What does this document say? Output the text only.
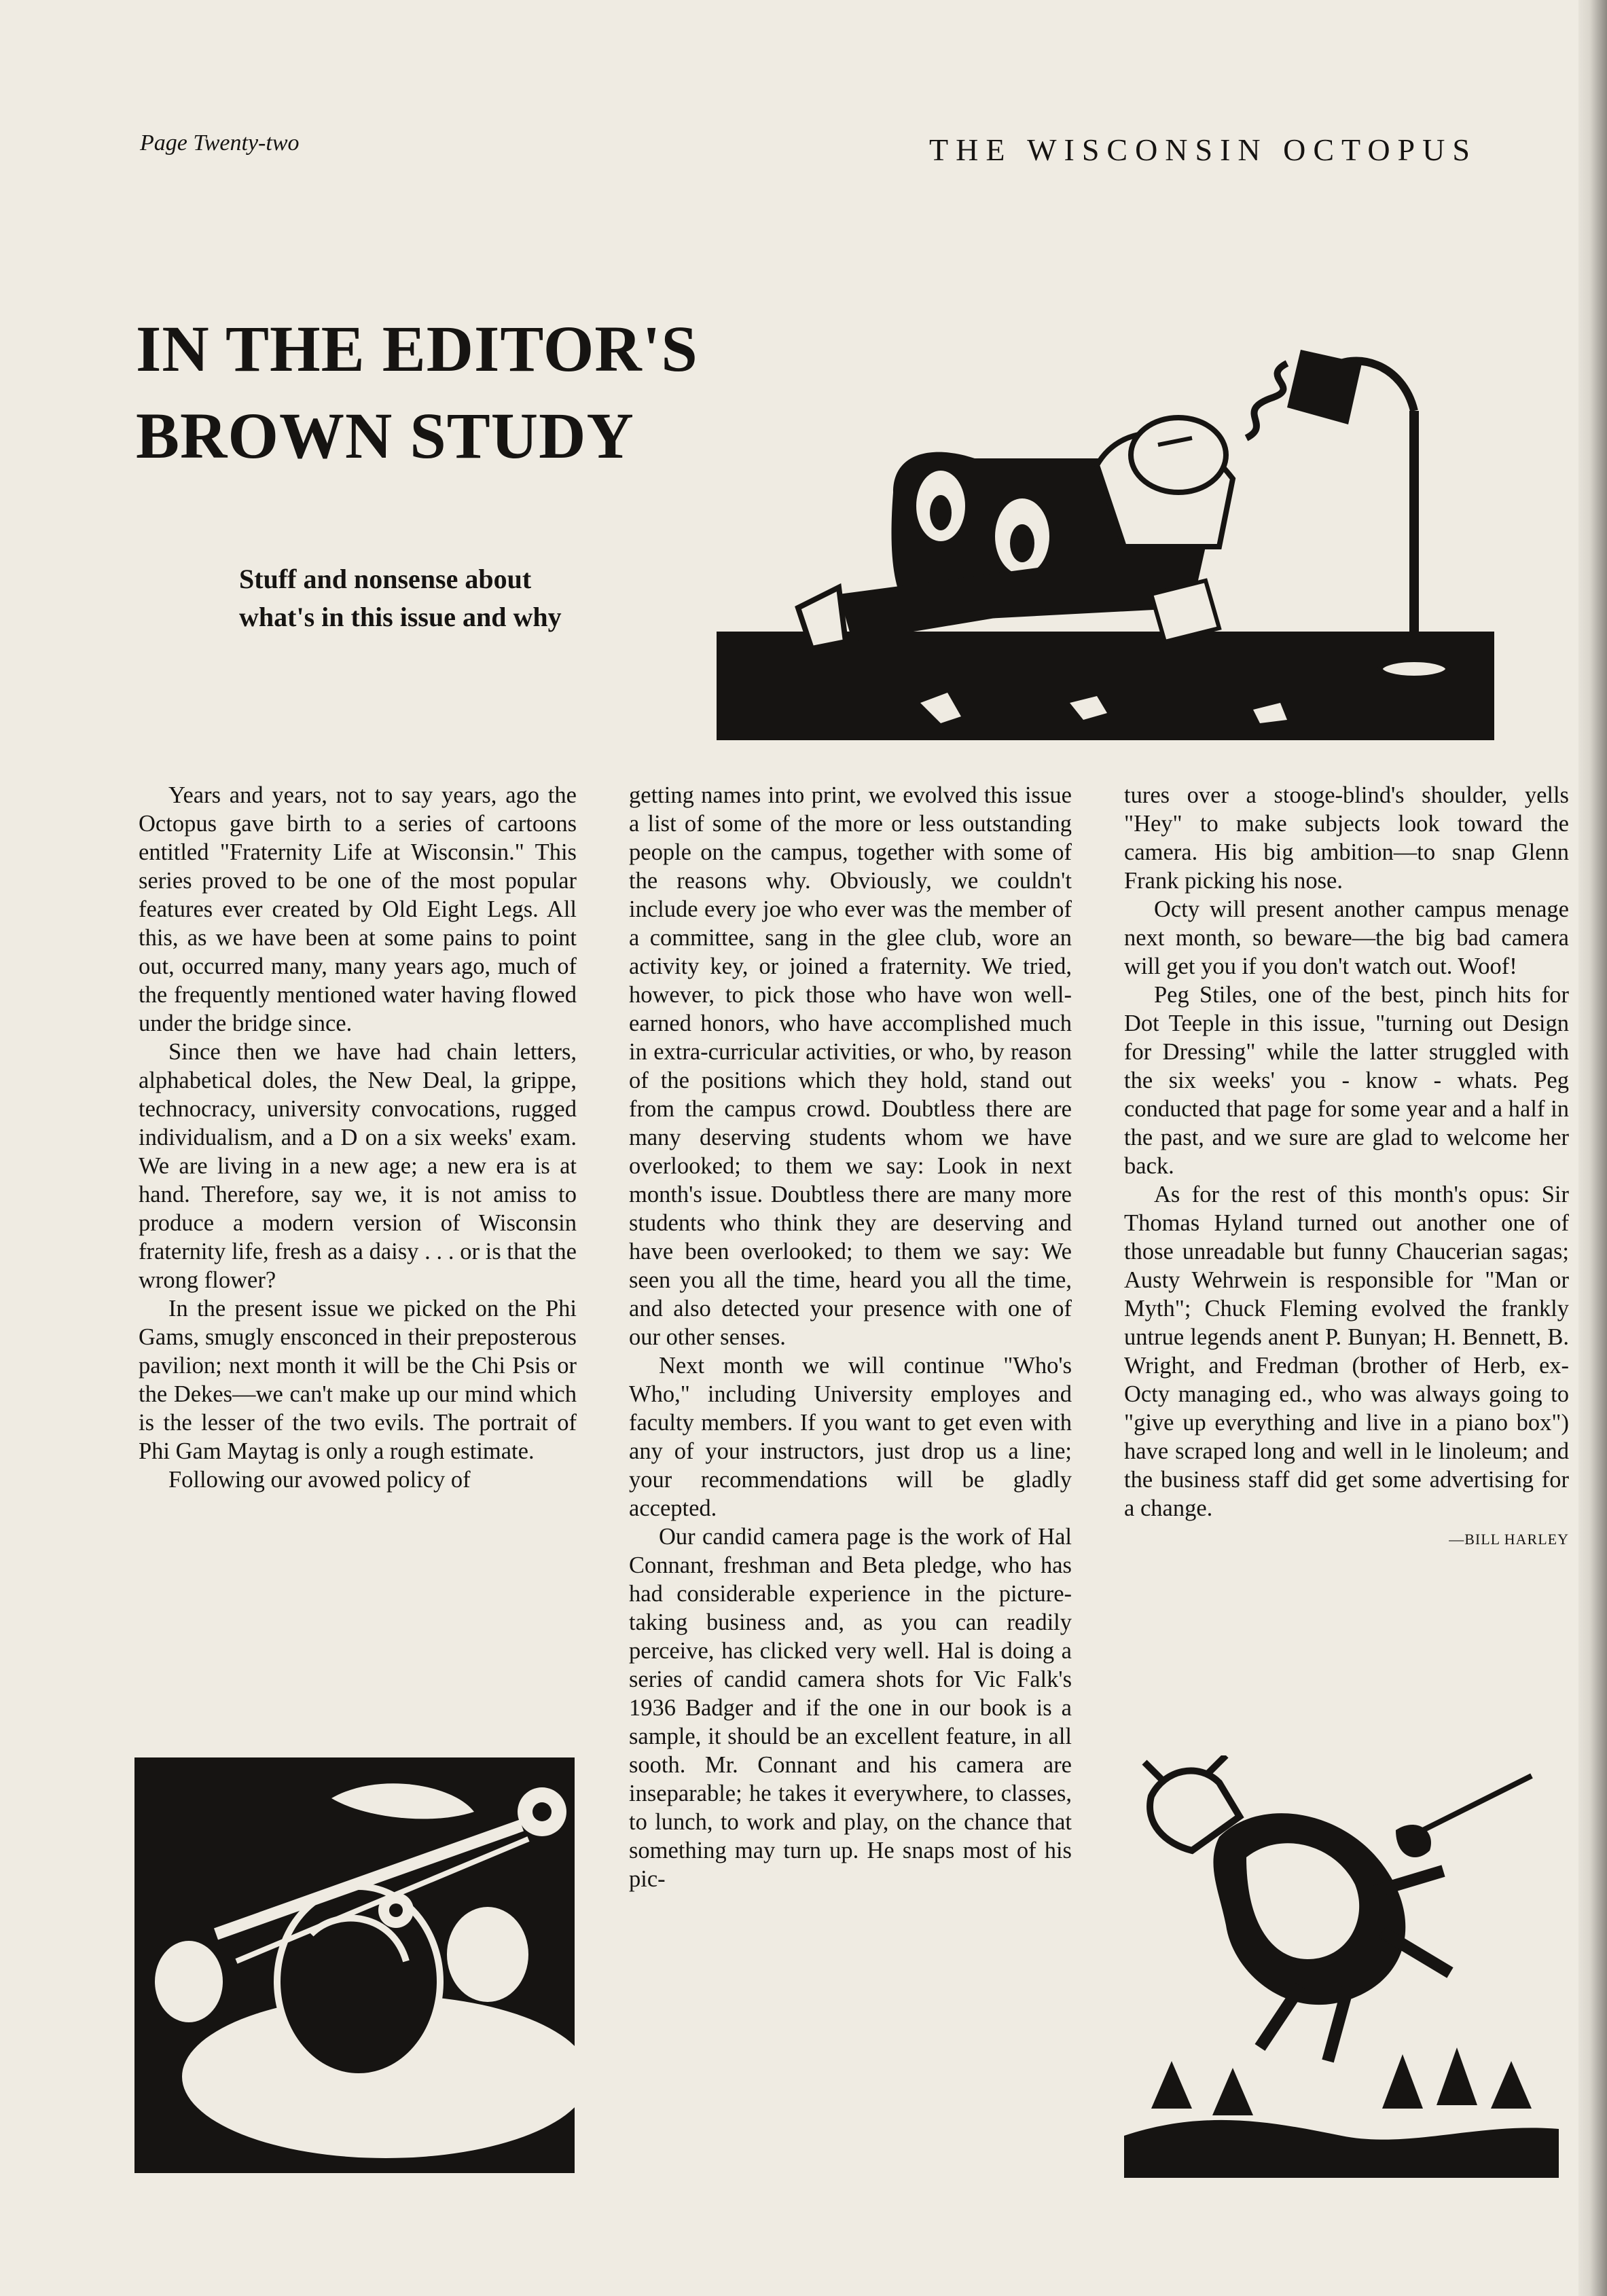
Page Twenty-two	THE WISCONSIN OCTOPUS
IN THE EDITOR'S
BROWN STUDY
Stuff and nonsense about
what's in this issue and why

Years and years, not to say years, ago the Octopus gave birth to a series of cartoons entitled "Fraternity Life at Wisconsin." This series proved to be one of the most popular features ever created by Old Eight Legs. All this, as we have been at some pains to point out, occurred many, many years ago, much of the frequently mentioned water having flowed under the bridge since.

Since then we have had chain letters, alphabetical doles, the New Deal, la grippe, technocracy, university convocations, rugged individualism, and a D on a six weeks' exam. We are living in a new age; a new era is at hand. Therefore, say we, it is not amiss to produce a modern version of Wisconsin fraternity life, fresh as a daisy . . . or is that the wrong flower?

In the present issue we picked on the Phi Gams, smugly ensconced in their preposterous pavilion; next month it will be the Chi Psis or the Dekes—we can't make up our mind which is the lesser of the two evils. The portrait of Phi Gam Maytag is only a rough estimate.

Following our avowed policy of

getting names into print, we evolved this issue a list of some of the more or less outstanding people on the campus, together with some of the reasons why. Obviously, we couldn't include every joe who ever was the member of a committee, sang in the glee club, wore an activity key, or joined a fraternity. We tried, however, to pick those who have won well-earned honors, who have accomplished much in extra-curricular activities, or who, by reason of the positions which they hold, stand out from the campus crowd. Doubtless there are many deserving students whom we have overlooked; to them we say: Look in next month's issue. Doubtless there are many more students who think they are deserving and have been overlooked; to them we say: We seen you all the time, heard you all the time, and also detected your presence with one of our other senses.

Next month we will continue "Who's Who," including University employes and faculty members. If you want to get even with any of your instructors, just drop us a line; your recommendations will be gladly accepted.

Our candid camera page is the work of Hal Connant, freshman and Beta pledge, who has had considerable experience in the picture-taking business and, as you can readily perceive, has clicked very well. Hal is doing a series of candid camera shots for Vic Falk's 1936 Badger and if the one in our book is a sample, it should be an excellent feature, in all sooth. Mr. Connant and his camera are inseparable; he takes it everywhere, to classes, to lunch, to work and play, on the chance that something may turn up. He snaps most of his pic-

tures over a stooge-blind's shoulder, yells "Hey" to make subjects look toward the camera. His big ambition—to snap Glenn Frank picking his nose.

Octy will present another campus menage next month, so beware—the big bad camera will get you if you don't watch out. Woof!

Peg Stiles, one of the best, pinch hits for Dot Teeple in this issue, "turning out Design for Dressing" while the latter struggled with the six weeks' you - know - whats. Peg conducted that page for some year and a half in the past, and we sure are glad to welcome her back.

As for the rest of this month's opus: Sir Thomas Hyland turned out another one of those unreadable but funny Chaucerian sagas; Austy Wehrwein is responsible for "Man or Myth"; Chuck Fleming evolved the frankly untrue legends anent P. Bunyan; H. Bennett, B. Wright, and Fredman (brother of Herb, ex-Octy managing ed., who was always going to "give up everything and live in a piano box") have scraped long and well in le linoleum; and the business staff did get some advertising for a change.

—BILL HARLEY
